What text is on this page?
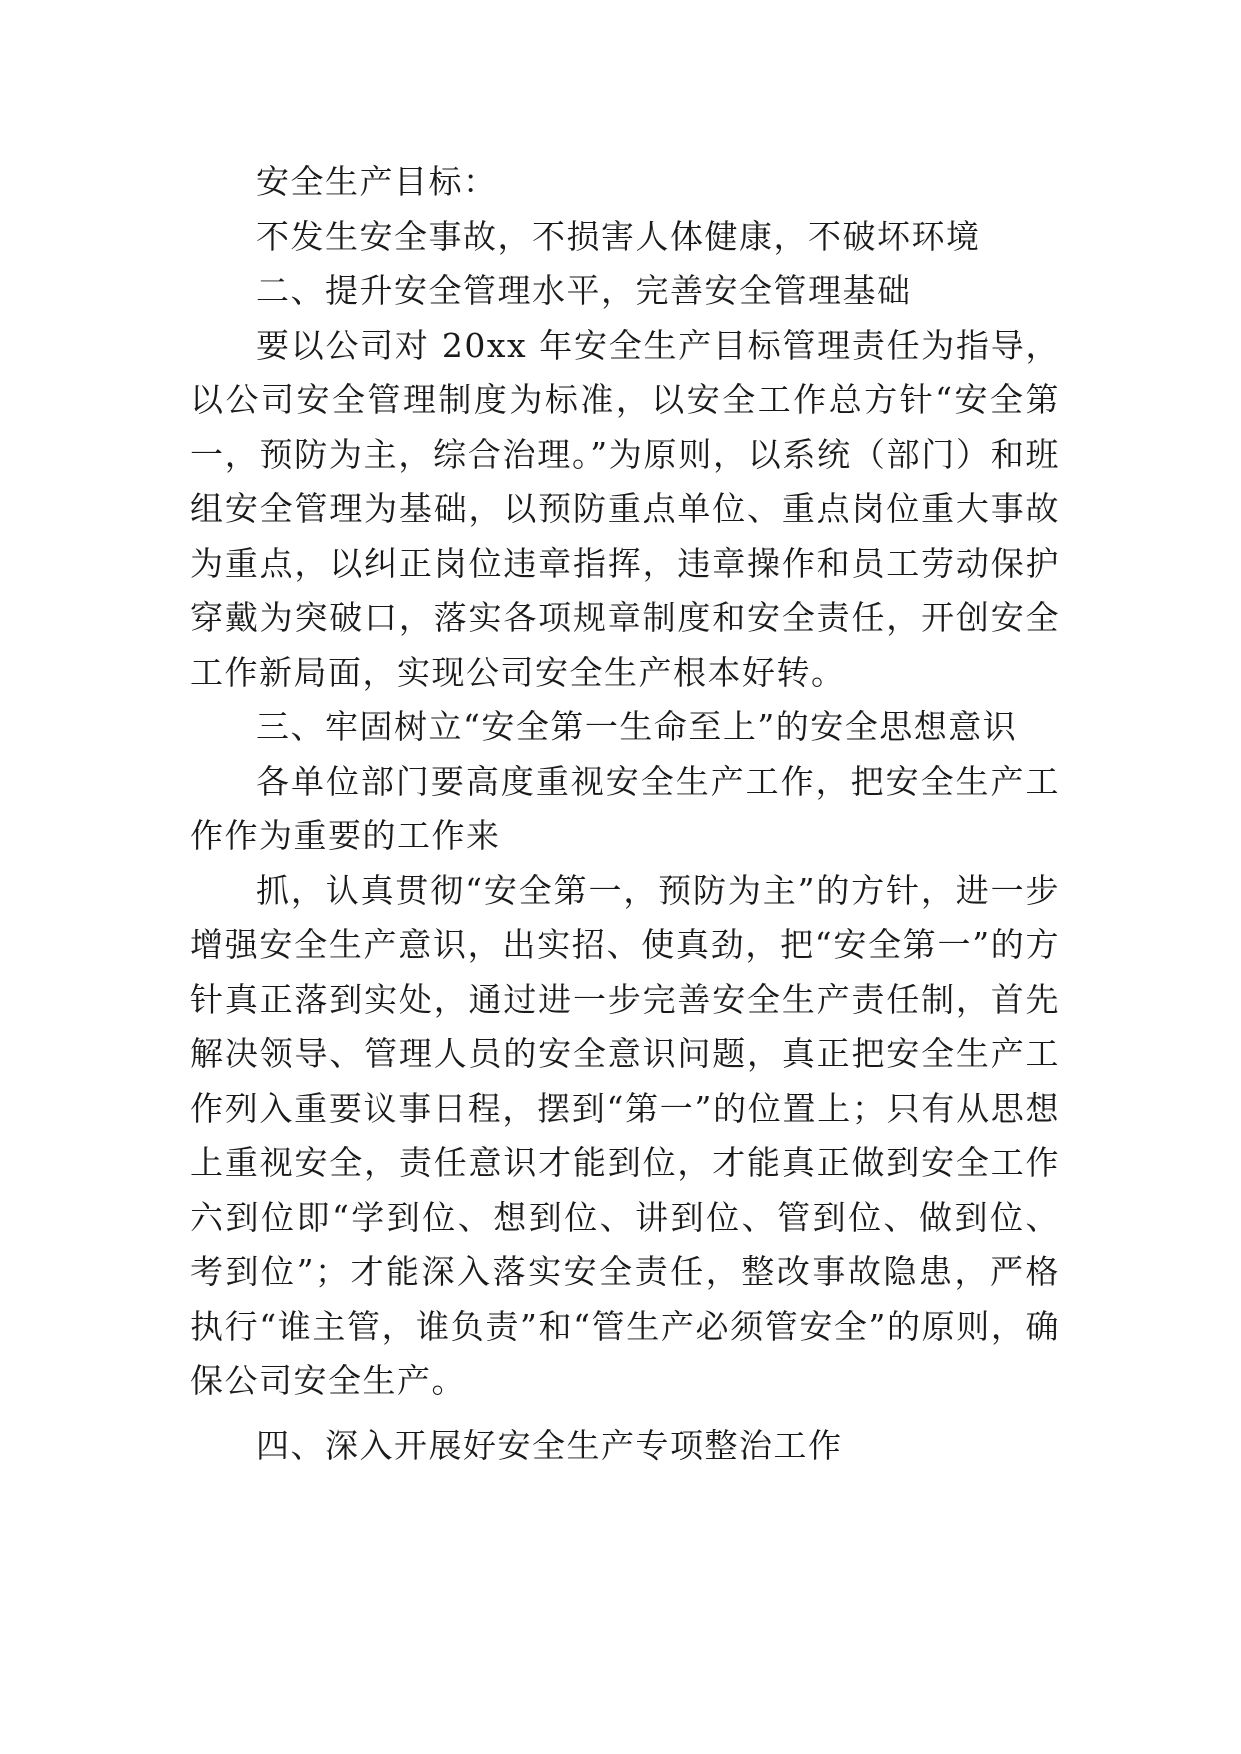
安全生产目标：

不发生安全事故，不损害人体健康，不破坏环境

二、提升安全管理水平，完善安全管理基础

要以公司对 20xx 年安全生产目标管理责任为指导，以公司安全管理制度为标准，以安全工作总方针“安全第一，预防为主，综合治理。”为原则，以系统（部门）和班组安全管理为基础，以预防重点单位、重点岗位重大事故为重点，以纠正岗位违章指挥，违章操作和员工劳动保护穿戴为突破口，落实各项规章制度和安全责任，开创安全工作新局面，实现公司安全生产根本好转。

三、牢固树立“安全第一生命至上”的安全思想意识

各单位部门要高度重视安全生产工作，把安全生产工作作为重要的工作来

抓，认真贯彻“安全第一，预防为主”的方针，进一步增强安全生产意识，出实招、使真劲，把“安全第一”的方针真正落到实处，通过进一步完善安全生产责任制，首先解决领导、管理人员的安全意识问题，真正把安全生产工作列入重要议事日程，摆到“第一”的位置上；只有从思想上重视安全，责任意识才能到位，才能真正做到安全工作六到位即“学到位、想到位、讲到位、管到位、做到位、考到位”；才能深入落实安全责任，整改事故隐患，严格执行“谁主管，谁负责”和“管生产必须管安全”的原则，确保公司安全生产。

四、深入开展好安全生产专项整治工作
